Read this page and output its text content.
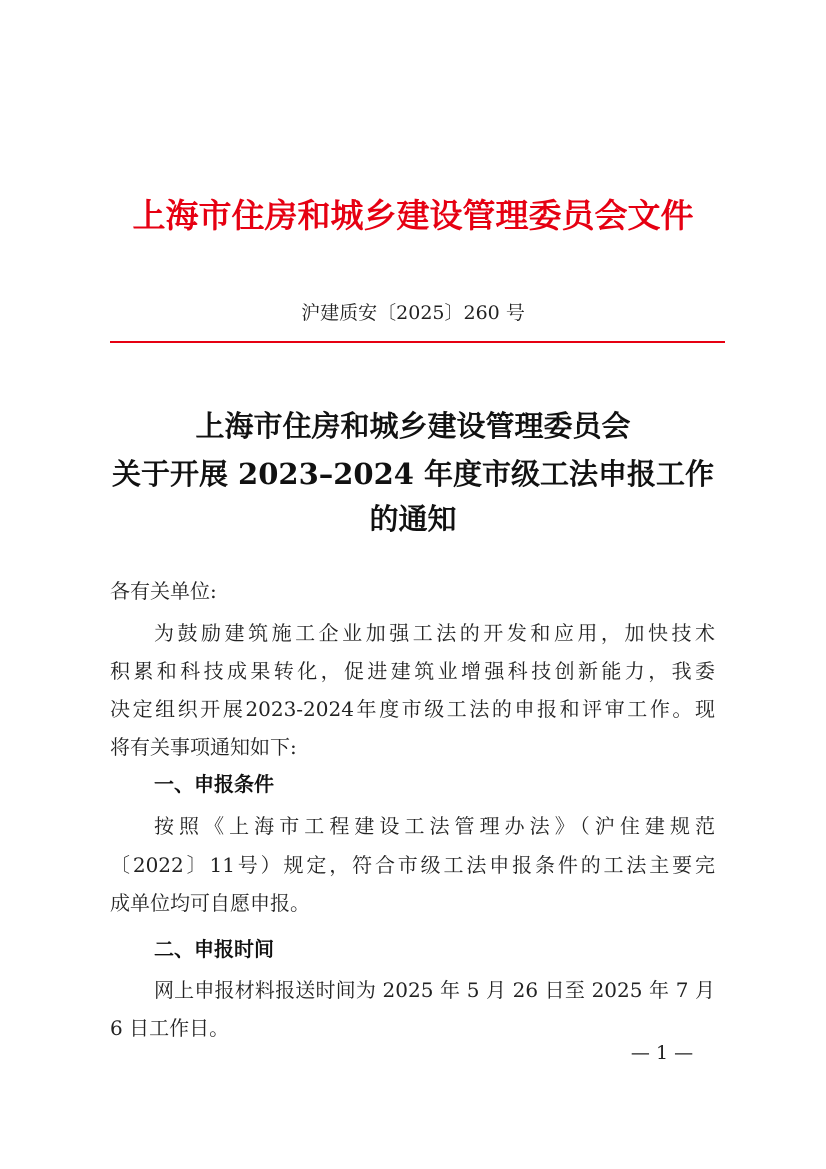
上海市住房和城乡建设管理委员会文件
沪建质安〔2025〕260 号
上海市住房和城乡建设管理委员会
关于开展 2023–2024 年度市级工法申报工作
的通知
各有关单位:
为鼓励建筑施工企业加强工法的开发和应用，加快技术
积累和科技成果转化，促进建筑业增强科技创新能力，我委
决定组织开展2023-2024年度市级工法的申报和评审工作。现
将有关事项通知如下:
一、申报条件
按照《上海市工程建设工法管理办法》（沪住建规范
〔2022〕11号）规定，符合市级工法申报条件的工法主要完
成单位均可自愿申报。
二、申报时间
网上申报材料报送时间为 2025 年 5 月 26 日至 2025 年 7 月
6 日工作日。
— 1 —
